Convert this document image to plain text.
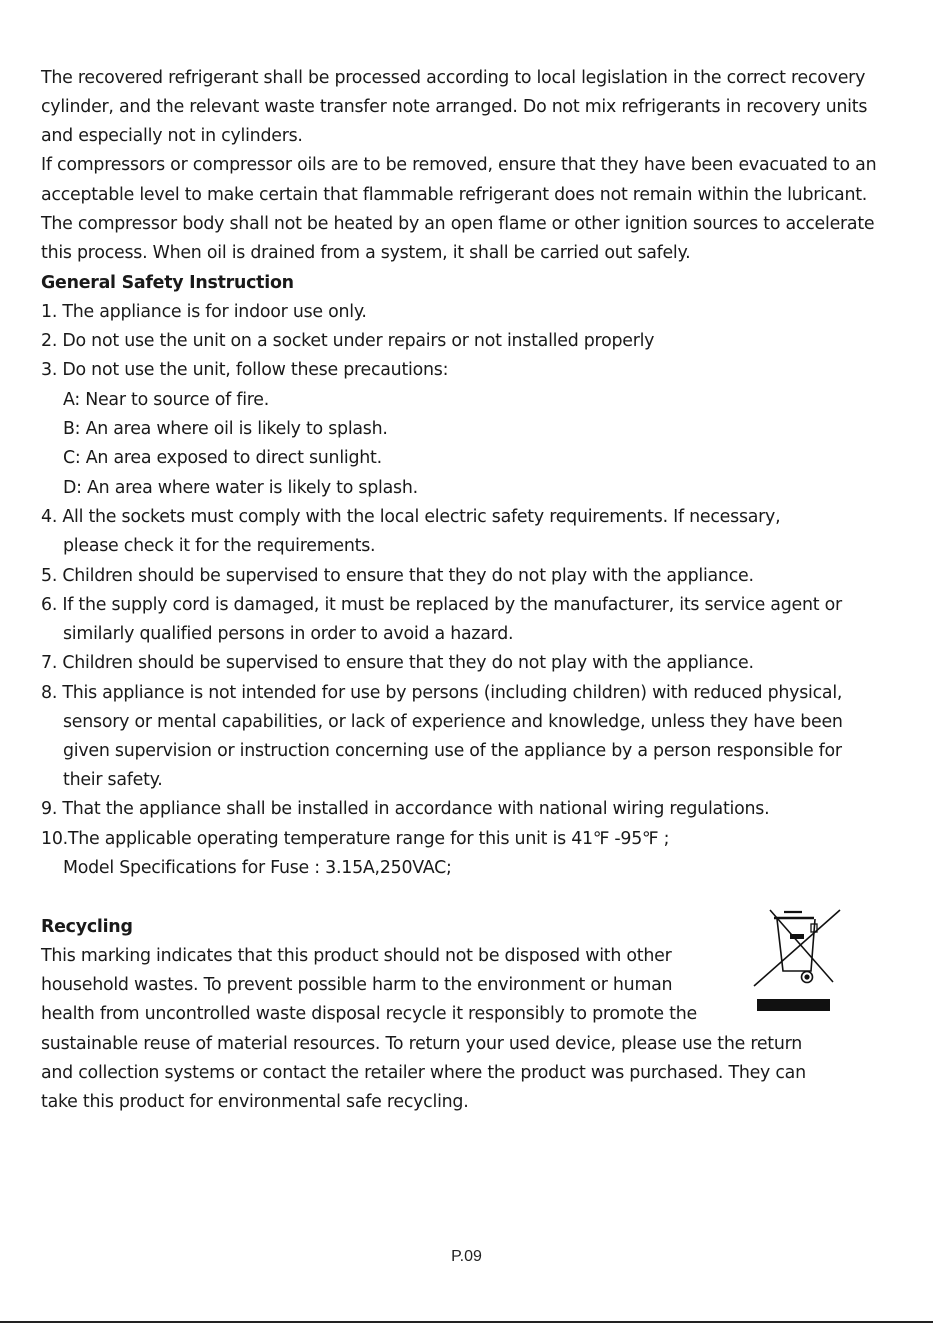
The recovered refrigerant shall be processed according to local legislation in the correct recovery
cylinder, and the relevant waste transfer note arranged. Do not mix refrigerants in recovery units
and especially not in cylinders.
If compressors or compressor oils are to be removed, ensure that they have been evacuated to an
acceptable level to make certain that flammable refrigerant does not remain within the lubricant.
The compressor body shall not be heated by an open flame or other ignition sources to accelerate
this process. When oil is drained from a system, it shall be carried out safely.
General Safety Instruction
1. The appliance is for indoor use only.
2. Do not use the unit on a socket under repairs or not installed properly
3. Do not use the unit, follow these precautions:
A: Near to source of fire.
B: An area where oil is likely to splash.
C: An area exposed to direct sunlight.
D: An area where water is likely to splash.
4. All the sockets must comply with the local electric safety requirements. If necessary,
please check it for the requirements.
5. Children should be supervised to ensure that they do not play with the appliance.
6. If the supply cord is damaged, it must be replaced by the manufacturer, its service agent or
similarly qualified persons in order to avoid a hazard.
7. Children should be supervised to ensure that they do not play with the appliance.
8. This appliance is not intended for use by persons (including children) with reduced physical,
sensory or mental capabilities, or lack of experience and knowledge, unless they have been
given supervision or instruction concerning use of the appliance by a person responsible for
their safety.
9. That the appliance shall be installed in accordance with national wiring regulations.
10.The applicable operating temperature range for this unit is 41℉ -95℉ ;
Model Specifications for Fuse : 3.15A,250VAC;
Recycling
This marking indicates that this product should not be disposed with other
household wastes. To prevent possible harm to the environment or human
health from uncontrolled waste disposal recycle it responsibly to promote the
sustainable reuse of material resources. To return your used device, please use the return
and collection systems or contact the retailer where the product was purchased. They can
take this product for environmental safe recycling.
P.09
